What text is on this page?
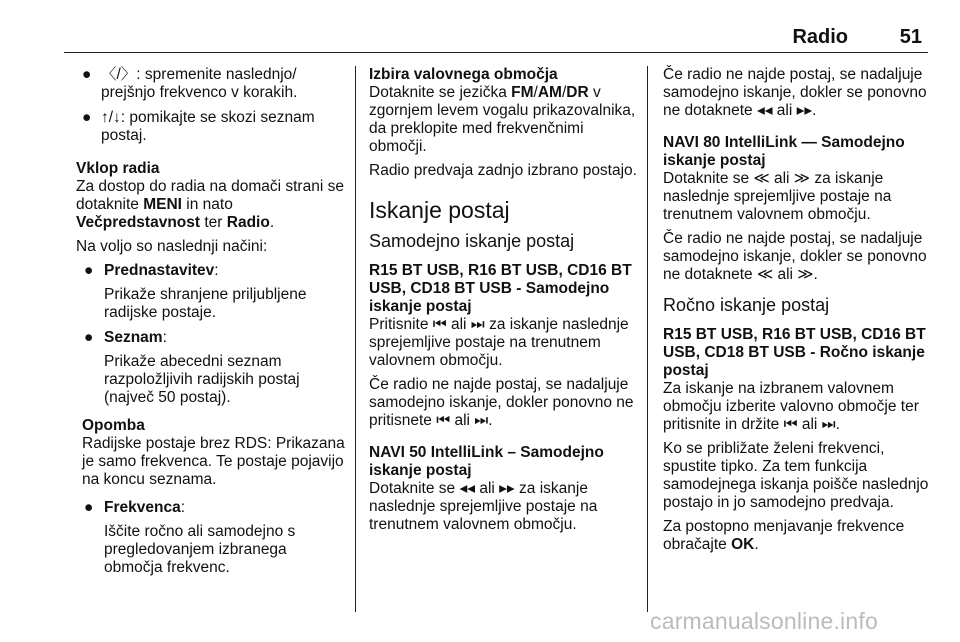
Radio	51
● 〈/〉: spremenite naslednjo/ prejšnjo frekvenco v korakih.
● ↑/↓: pomikajte se skozi seznam postaj.
Vklop radia

Za dostop do radia na domači strani se dotaknite MENI in nato Večpredstavnost ter Radio.

Na voljo so naslednji načini:

● Prednastavitev:
Prikaže shranjene priljubljene radijske postaje.
● Seznam:
Prikaže abecedni seznam razpoložljivih radijskih postaj (največ 50 postaj).
Opomba
Radijske postaje brez RDS: Prikazana je samo frekvenca. Te postaje pojavijo na koncu seznama.
● Frekvenca:
Iščite ročno ali samodejno s pregledovanjem izbranega območja frekvenc.
Izbira valovnega območja

Dotaknite se jezička FM/AM/DR v zgornjem levem vogalu prikazovalnika, da preklopite med frekvenčnimi območji.

Radio predvaja zadnjo izbrano postajo.

Iskanje postaj
Samodejno iskanje postaj
R15 BT USB, R16 BT USB, CD16 BT USB, CD18 BT USB - Samodejno iskanje postaj

Pritisnite ⏮ ali ⏭ za iskanje naslednje sprejemljive postaje na trenutnem valovnem območju.

Če radio ne najde postaj, se nadaljuje samodejno iskanje, dokler ponovno ne pritisnete ⏮ ali ⏭.

NAVI 50 IntelliLink – Samodejno iskanje postaj

Dotaknite se ◂◂ ali ▸▸ za iskanje naslednje sprejemljive postaje na trenutnem valovnem območju.

Če radio ne najde postaj, se nadaljuje samodejno iskanje, dokler se ponovno ne dotaknete ◂◂ ali ▸▸.

NAVI 80 IntelliLink — Samodejno iskanje postaj

Dotaknite se ≪ ali ≫ za iskanje naslednje sprejemljive postaje na trenutnem valovnem območju.

Če radio ne najde postaj, se nadaljuje samodejno iskanje, dokler se ponovno ne dotaknete ≪ ali ≫.

Ročno iskanje postaj
R15 BT USB, R16 BT USB, CD16 BT USB, CD18 BT USB - Ročno iskanje postaj

Za iskanje na izbranem valovnem območju izberite valovno območje ter pritisnite in držite ⏮ ali ⏭.

Ko se približate želeni frekvenci, spustite tipko. Za tem funkcija samodejnega iskanja poišče naslednjo postajo in jo samodejno predvaja.

Za postopno menjavanje frekvence obračajte OK.

carmanualsonline.info
